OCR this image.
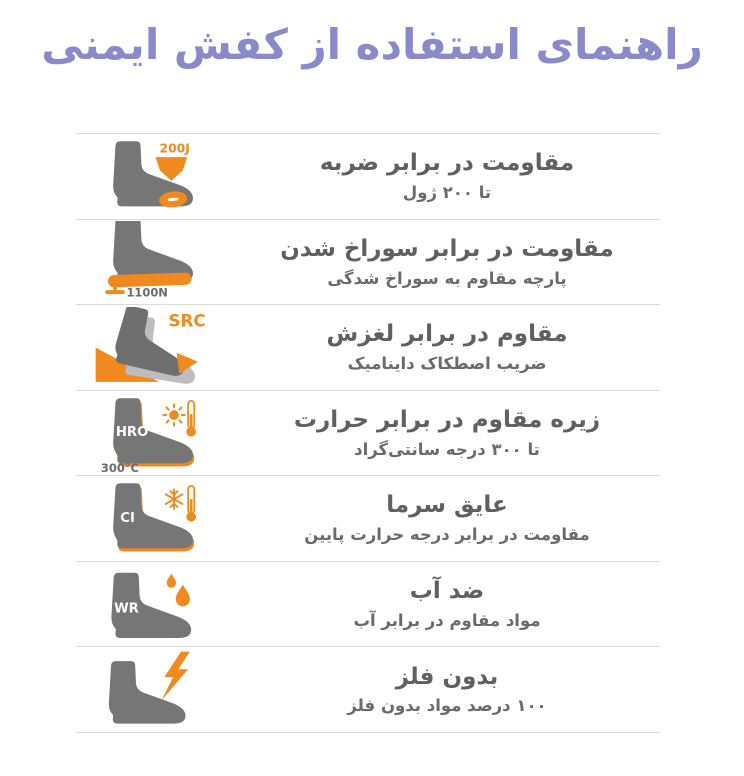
راهنمای استفاده از کفش ایمنی
200J
مقاومت در برابر ضربه
تا ۲۰۰ ژول
1100N
مقاومت در برابر سوراخ شدن
پارچه مقاوم به سوراخ شدگی
SRC
مقاوم در برابر لغزش
ضریب اصطکاک داینامیک
HRO
300°C
زیره مقاوم در برابر حرارت
تا ۳۰۰ درجه سانتی‌گراد
CI
عایق سرما
مقاومت در برابر درجه حرارت پایین
WR
ضد آب
مواد مقاوم در برابر آب
بدون فلز
۱۰۰ درصد مواد بدون فلز
